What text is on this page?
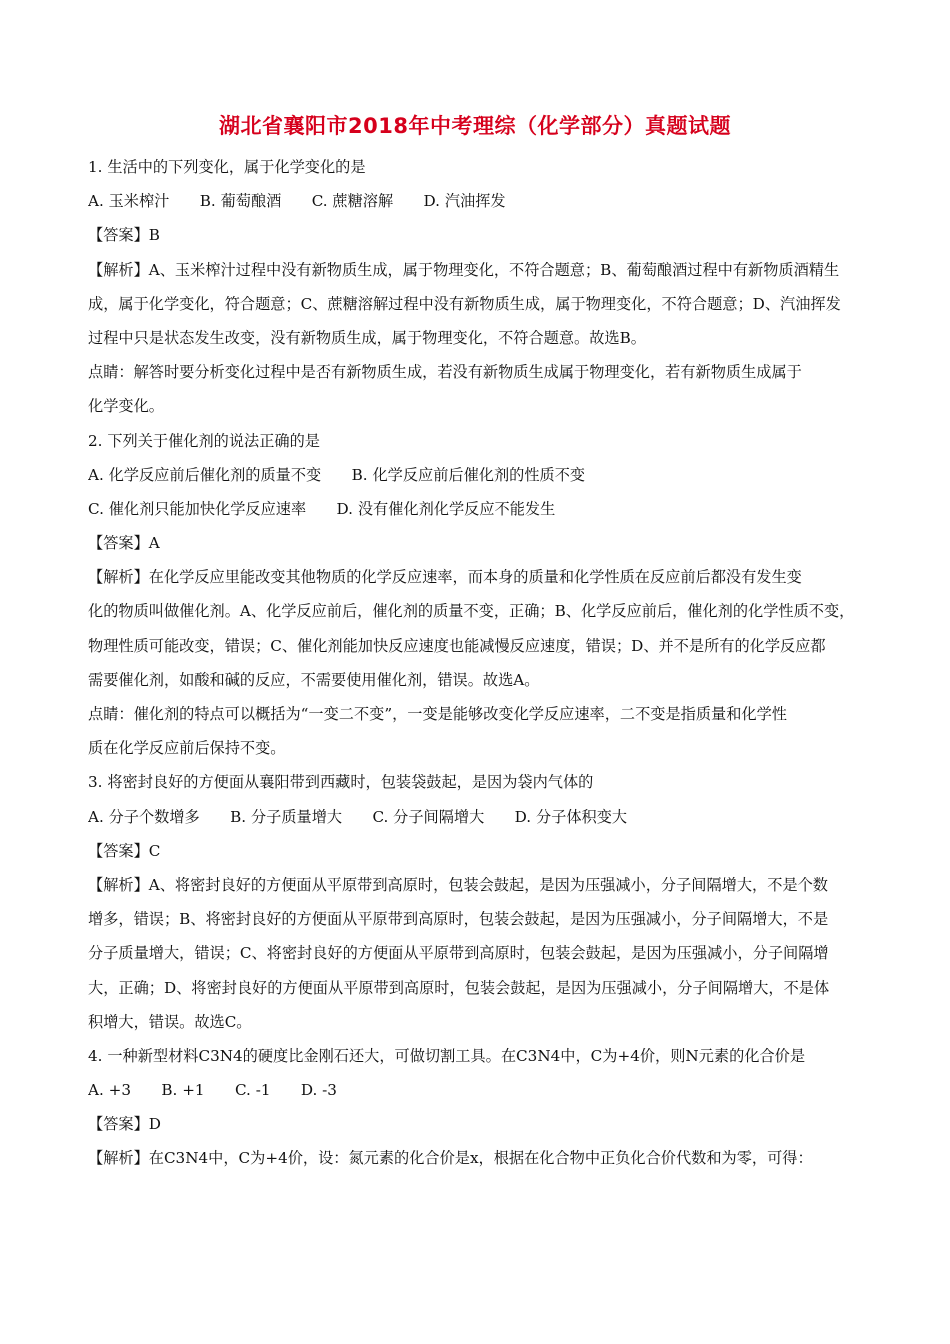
湖北省襄阳市2018年中考理综（化学部分）真题试题
1. 生活中的下列变化，属于化学变化的是
A. 玉米榨汁　　B. 葡萄酿酒　　C. 蔗糖溶解　　D. 汽油挥发
【答案】B
【解析】A、玉米榨汁过程中没有新物质生成，属于物理变化，不符合题意；B、葡萄酿酒过程中有新物质酒精生
成，属于化学变化，符合题意；C、蔗糖溶解过程中没有新物质生成，属于物理变化，不符合题意；D、汽油挥发
过程中只是状态发生改变，没有新物质生成，属于物理变化，不符合题意。故选B。
点睛：解答时要分析变化过程中是否有新物质生成，若没有新物质生成属于物理变化，若有新物质生成属于
化学变化。
2. 下列关于催化剂的说法正确的是
A. 化学反应前后催化剂的质量不变　　B. 化学反应前后催化剂的性质不变
C. 催化剂只能加快化学反应速率　　D. 没有催化剂化学反应不能发生
【答案】A
【解析】在化学反应里能改变其他物质的化学反应速率，而本身的质量和化学性质在反应前后都没有发生变
化的物质叫做催化剂。A、化学反应前后，催化剂的质量不变，正确；B、化学反应前后，催化剂的化学性质不变，
物理性质可能改变，错误；C、催化剂能加快反应速度也能减慢反应速度，错误；D、并不是所有的化学反应都
需要催化剂，如酸和碱的反应，不需要使用催化剂，错误。故选A。
点睛：催化剂的特点可以概括为“一变二不变”，一变是能够改变化学反应速率，二不变是指质量和化学性
质在化学反应前后保持不变。
3. 将密封良好的方便面从襄阳带到西藏时，包装袋鼓起，是因为袋内气体的
A. 分子个数增多　　B. 分子质量增大　　C. 分子间隔增大　　D. 分子体积变大
【答案】C
【解析】A、将密封良好的方便面从平原带到高原时，包装会鼓起，是因为压强减小，分子间隔增大，不是个数
增多，错误；B、将密封良好的方便面从平原带到高原时，包装会鼓起，是因为压强减小，分子间隔增大，不是
分子质量增大，错误；C、将密封良好的方便面从平原带到高原时，包装会鼓起，是因为压强减小，分子间隔增
大，正确；D、将密封良好的方便面从平原带到高原时，包装会鼓起，是因为压强减小，分子间隔增大，不是体
积增大，错误。故选C。
4. 一种新型材料C3N4的硬度比金刚石还大，可做切割工具。在C3N4中，C为+4价，则N元素的化合价是
A. +3　　B. +1　　C. -1　　D. -3
【答案】D
【解析】在C3N4中，C为+4价，设：氮元素的化合价是x，根据在化合物中正负化合价代数和为零，可得：
